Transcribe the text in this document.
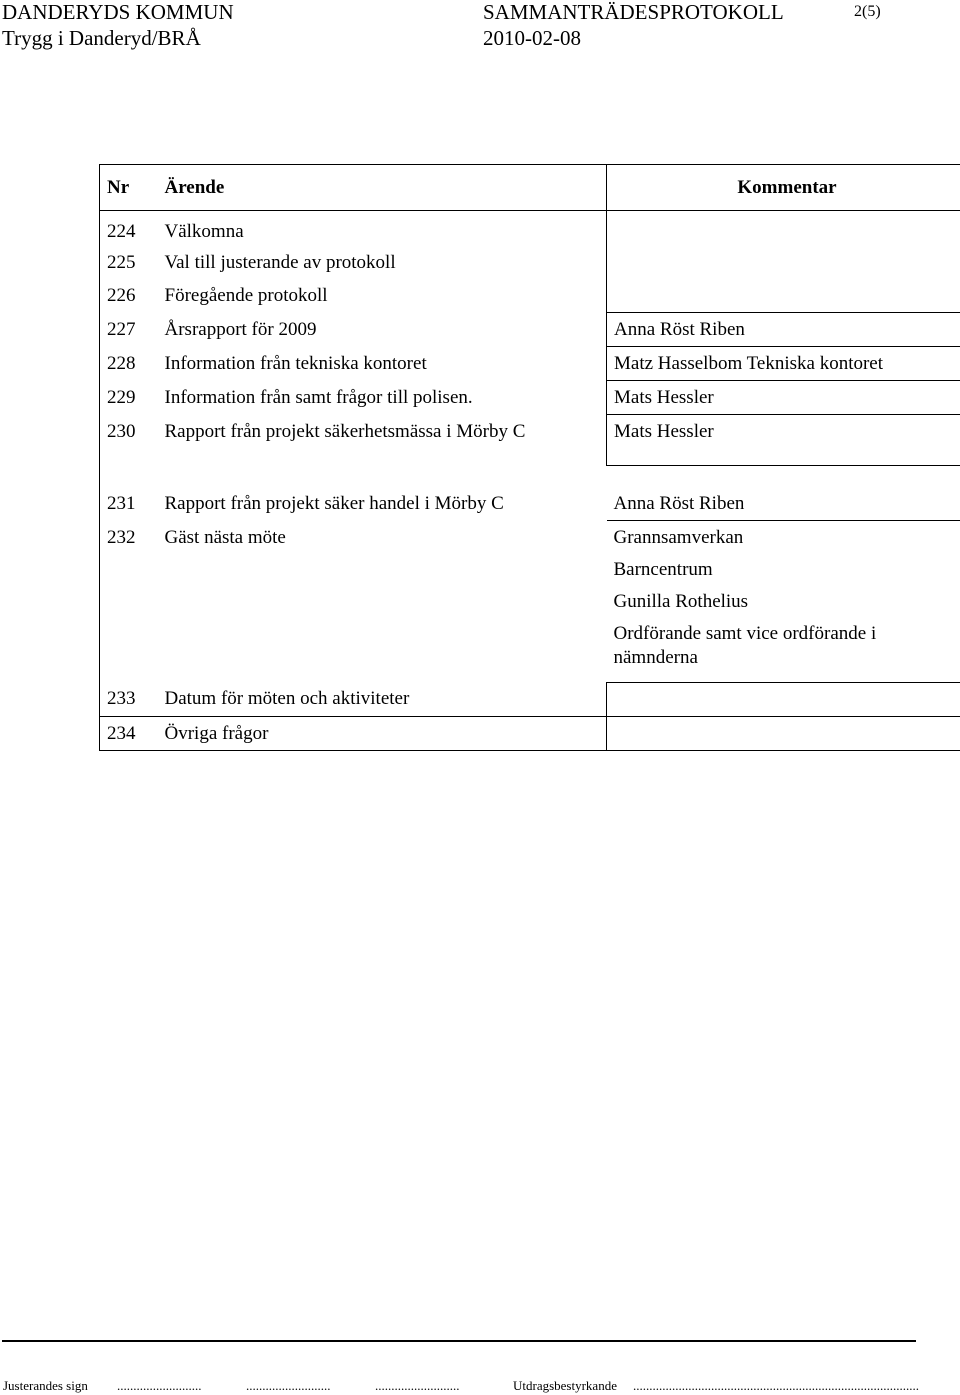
DANDERYDS KOMMUN
Trygg i Danderyd/BRÅ
SAMMANTRÄDESPROTOKOLL
2010-02-08
2(5)
Nr	Ärende	Kommentar
224	Välkomna	
225	Val till justerande av protokoll	
226	Föregående protokoll	
227	Årsrapport för 2009	Anna Röst Riben
228	Information från tekniska kontoret	Matz Hasselbom Tekniska kontoret
229	Information från samt frågor till polisen.	Mats Hessler
230	Rapport från projekt säkerhetsmässa i Mörby C	Mats Hessler

231	Rapport från projekt säker handel i Mörby C	Anna Röst Riben
232	Gäst nästa möte	Grannsamverkan
Barncentrum
Gunilla Rothelius
Ordförande samt vice ordförande i nämnderna

233	Datum för möten och aktiviteter	
234	Övriga frågor	
Justerandes sign ..........................	..........................	..........................	Utdragsbestyrkande ........................................................................................
